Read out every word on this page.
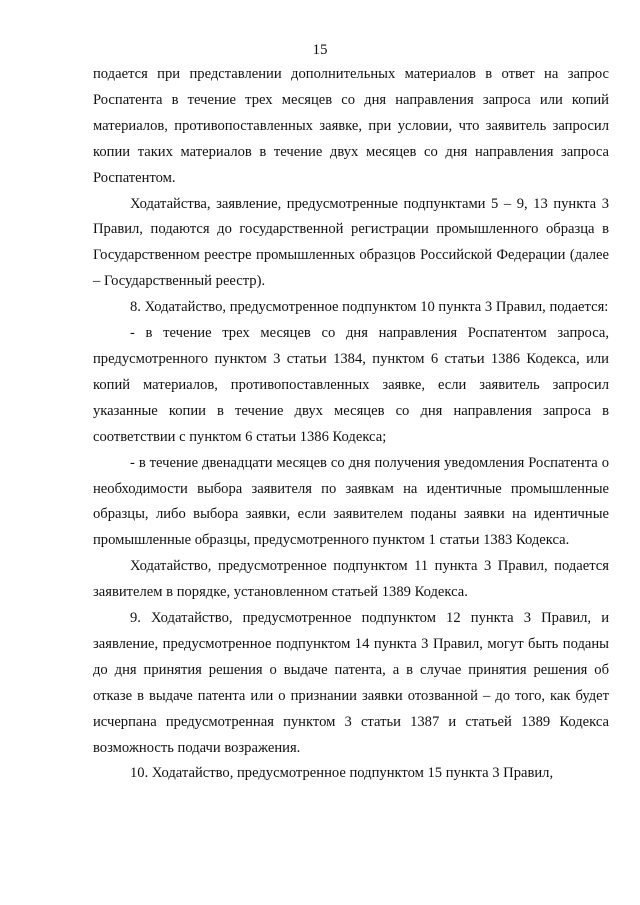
15

подается при представлении дополнительных материалов в ответ на запрос Роспатента в течение трех месяцев со дня направления запроса или копий материалов, противопоставленных заявке, при условии, что заявитель запросил копии таких материалов в течение двух месяцев со дня направления запроса Роспатентом.

Ходатайства, заявление, предусмотренные подпунктами 5 – 9, 13 пункта 3 Правил, подаются до государственной регистрации промышленного образца в Государственном реестре промышленных образцов Российской Федерации (далее – Государственный реестр).

8. Ходатайство, предусмотренное подпунктом 10 пункта 3 Правил, подается:

- в течение трех месяцев со дня направления Роспатентом запроса, предусмотренного пунктом 3 статьи 1384, пунктом 6 статьи 1386 Кодекса, или копий материалов, противопоставленных заявке, если заявитель запросил указанные копии в течение двух месяцев со дня направления запроса в соответствии с пунктом 6 статьи 1386 Кодекса;

- в течение двенадцати месяцев со дня получения уведомления Роспатента о необходимости выбора заявителя по заявкам на идентичные промышленные образцы, либо выбора заявки, если заявителем поданы заявки на идентичные промышленные образцы, предусмотренного пунктом 1 статьи 1383 Кодекса.

Ходатайство, предусмотренное подпунктом 11 пункта 3 Правил, подается заявителем в порядке, установленном статьей 1389 Кодекса.

9. Ходатайство, предусмотренное подпунктом 12 пункта 3 Правил, и заявление, предусмотренное подпунктом 14 пункта 3 Правил, могут быть поданы до дня принятия решения о выдаче патента, а в случае принятия решения об отказе в выдаче патента или о признании заявки отозванной – до того, как будет исчерпана предусмотренная пунктом 3 статьи 1387 и статьей 1389 Кодекса возможность подачи возражения.

10. Ходатайство, предусмотренное подпунктом 15 пункта 3 Правил,
